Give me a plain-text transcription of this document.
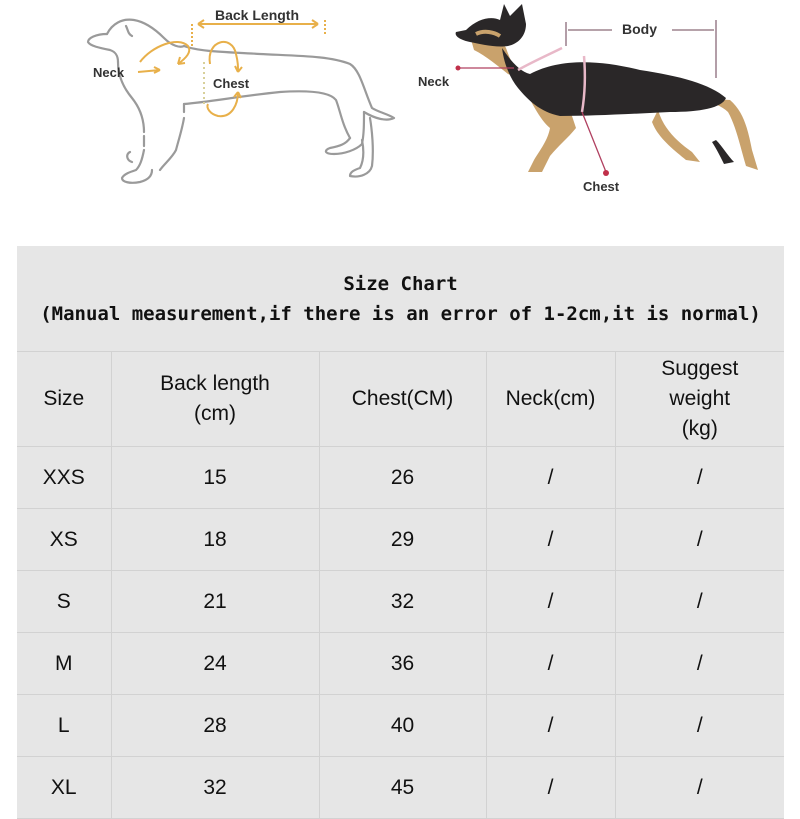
Back Length
Neck
Chest
Body
Neck
Chest
Size Chart
(Manual measurement,if there is an error of 1-2cm,it is normal)				

Size	Back length (cm)	Chest(CM)	Neck(cm)	Suggest weight (kg)
XXS	15	26	/	/
XS	18	29	/	/
S	21	32	/	/
M	24	36	/	/
L	28	40	/	/
XL	32	45	/	/
